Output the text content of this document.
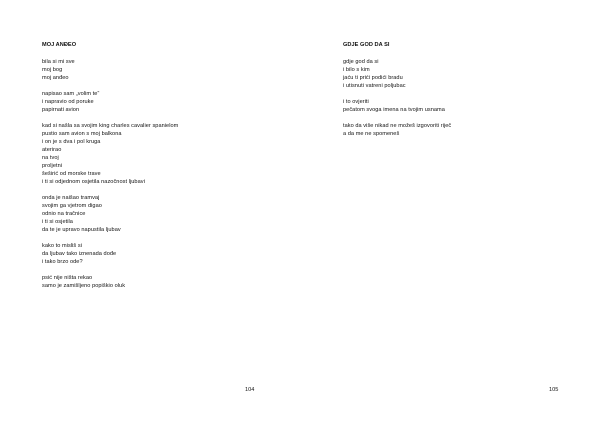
MOJ ANĐEO
bila si mi sve
moj bog
moj anđeo
napisao sam „volim te“
i napravio od poruke
papirnati avion
kad si našla sa svojim king charles cavalier spanielom
pustio sam avion s moj balkona
i on je s dva i pol kruga
aterirao
na tvoj
proljetni
šeširić od morske trave
i ti si odjednom osjetila nazočnost ljubavi
onda je naišao tramvaj
svojim ga vjetrom digao
odnio na tračnice
i ti si osjetila
da te je upravo napustila ljubav
kako to misliš si
da ljubav tako iznenada dođe
i tako brzo ode?
psić nije ništa rekao
samo je zamišljeno popiškio oluk
104
GDJE GOD DA SI
gdje god da si
i bilo s kim
jaću ti prići podići bradu
i utisnuti vatreni poljubac
i to ovjeriti
pečatom svoga imena na tvojim usnama
tako da više nikad ne možeš izgovoriti riječ
a da me ne spomeneš
105
